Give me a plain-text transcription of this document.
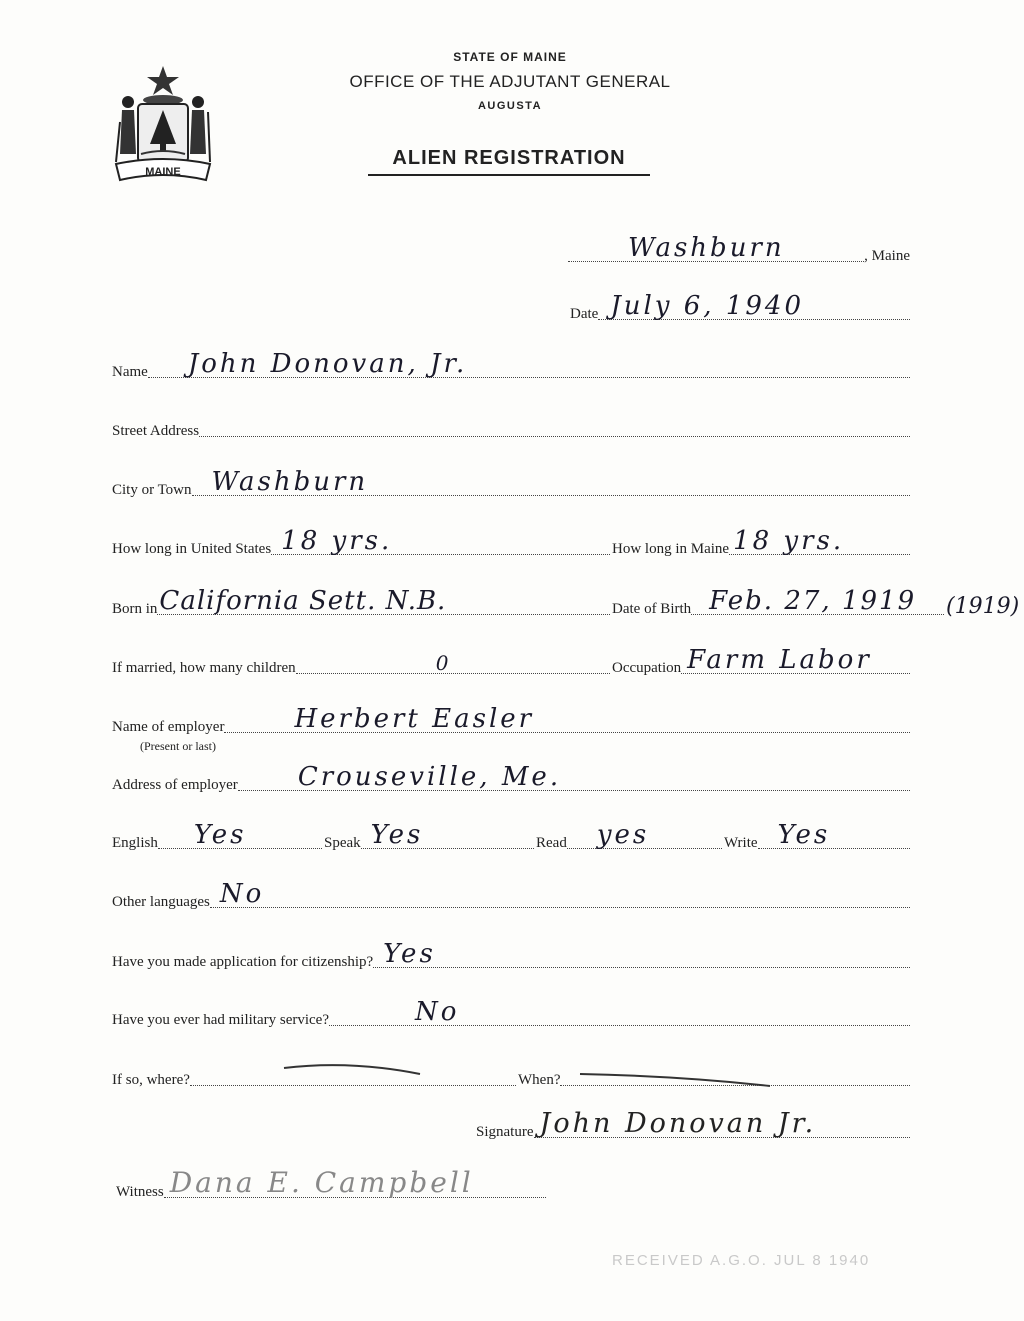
MAINE
STATE OF MAINE
OFFICE OF THE ADJUTANT GENERAL
AUGUSTA
ALIEN REGISTRATION
Washburn	, Maine
Date July 6, 1940
Name John Donovan, Jr.
Street Address
City or Town Washburn
How long in United States 18 yrs.	How long in Maine 18 yrs.
Born in California Sett. N.B.	Date of Birth Feb. 27, 1919 (1919)
If married, how many children	0	Occupation Farm Labor
Name of employer	Herbert Easler
(Present or last)
Address of employer Crouseville, Me.
English Yes	Speak Yes	Read yes	Write Yes
Other languages No
Have you made application for citizenship? Yes
Have you ever had military service?	No
If so, where?	When?
Signature John Donovan Jr.
Witness Dana E. Campbell
RECEIVED A.G.O. JUL 8 1940
